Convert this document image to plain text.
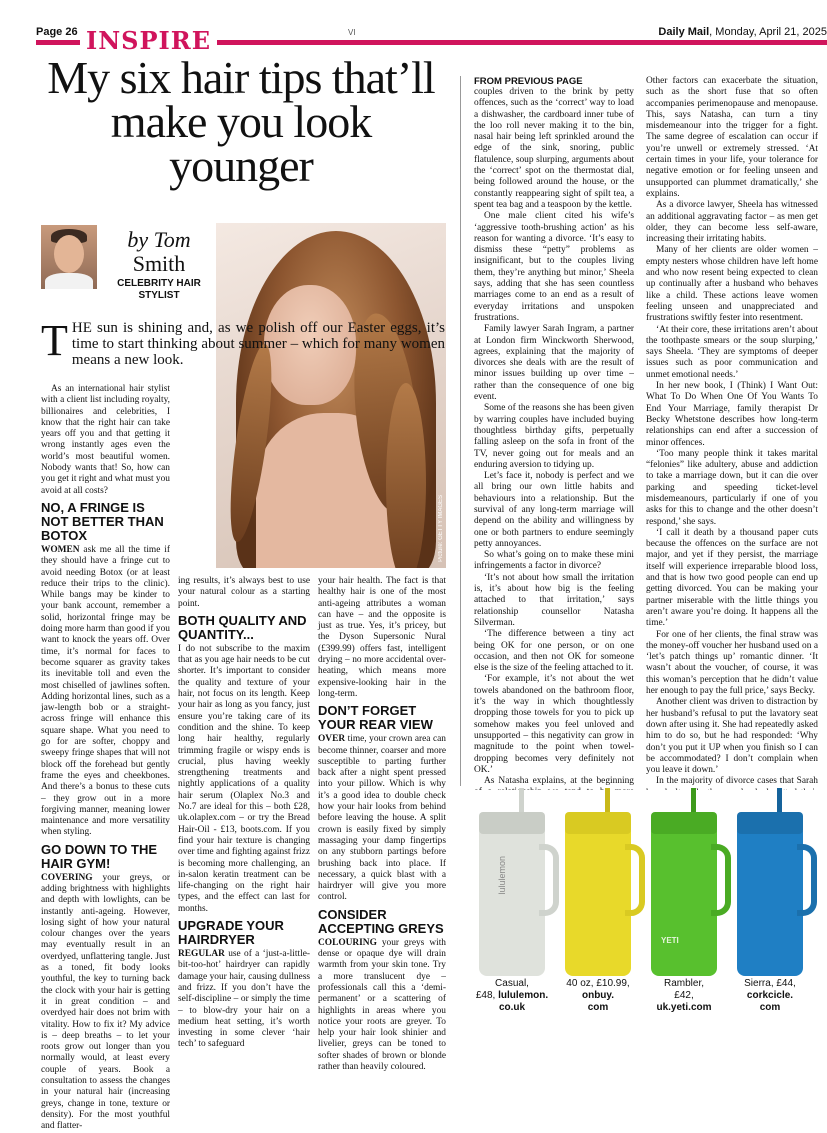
Page 26	VI	Daily Mail, Monday, April 21, 2025
INSPIRE
My six hair tips that’ll make you look younger
by Tom
Smith
CELEBRITY HAIR STYLIST
Picture: GETTY IMAGES
THE sun is shining and, as we polish off our Easter eggs, it’s time to start thinking about summer – which for many women means a new look.

As an international hair stylist with a client list including royalty, billionaires and celebrities, I know that the right hair can take years off you and that getting it wrong instantly ages even the world’s most beautiful women. Nobody wants that! So, how can you get it right and what must you avoid at all costs?

NO, A FRINGE IS NOT BETTER THAN BOTOX

WOMEN ask me all the time if they should have a fringe cut to avoid needing Botox (or at least reduce their trips to the clinic). While bangs may be kinder to your bank account, remember a solid, horizontal fringe may be doing more harm than good if you want to knock the years off. Over time, it’s normal for faces to become squarer as gravity takes its inevitable toll and even the most chiselled of jawlines soften. Adding horizontal lines, such as a jaw-length bob or a straight-across fringe will enhance this square shape. What you need to go for are softer, choppy and sweepy fringe shapes that will not block off the forehead but gently frame the eyes and cheekbones. And there’s a bonus to these cuts – they grow out in a more forgiving manner, meaning lower maintenance and more versatility when styling.

GO DOWN TO THE HAIR GYM!

COVERING your greys, or adding brightness with highlights and depth with lowlights, can be instantly anti-ageing. However, losing sight of how your natural colour changes over the years may eventually result in an overdyed, unflattering tangle. Just as a toned, fit body looks youthful, the key to turning back the clock with your hair is getting it in great condition – and overdyed hair does not brim with vitality. How to fix it? My advice is – deep breaths – to let your roots grow out longer than you normally would, at least every couple of years. Book a consultation to assess the changes in your natural hair (increasing greys, change in tone, texture or density). For the most youthful and flatter-

ing results, it’s always best to use your natural colour as a starting point.

BOTH QUALITY AND QUANTITY...

I do not subscribe to the maxim that as you age hair needs to be cut shorter. It’s important to consider the quality and texture of your hair, not focus on its length. Keep your hair as long as you fancy, just ensure you’re taking care of its condition and the shine. To keep long hair healthy, regularly trimming fragile or wispy ends is crucial, plus having weekly strengthening treatments and nightly applications of a quality hair serum (Olaplex No.3 and No.7 are ideal for this – both £28, uk.olaplex.com – or try the Bread Hair-Oil - £13, boots.com. If you find your hair texture is changing over time and fighting against frizz is becoming more challenging, an in-salon keratin treatment can be life-changing on the right hair types, and the effect can last for months.

UPGRADE YOUR HAIRDRYER

REGULAR use of a ‘just-a-little-bit-too-hot’ hairdryer can rapidly damage your hair, causing dullness and frizz. If you don’t have the self-discipline – or simply the time – to blow-dry your hair on a medium heat setting, it’s worth investing in some clever ‘hair tech’ to safeguard

your hair health. The fact is that healthy hair is one of the most anti-ageing attributes a woman can have – and the opposite is just as true. Yes, it’s pricey, but the Dyson Supersonic Nural (£399.99) offers fast, intelligent drying – no more accidental over-heating, which means more expensive-looking hair in the long-term.

DON’T FORGET YOUR REAR VIEW

OVER time, your crown area can become thinner, coarser and more susceptible to parting further back after a night spent pressed into your pillow. Which is why it’s a good idea to double check how your hair looks from behind before leaving the house. A split crown is easily fixed by simply massaging your damp fingertips on any stubborn partings before brushing back into place. If necessary, a quick blast with a hairdryer will give you more control.

CONSIDER ACCEPTING GREYS

COLOURING your greys with dense or opaque dye will drain warmth from your skin tone. Try a more translucent dye – professionals call this a ‘demi-permanent’ or a scattering of highlights in areas where you notice your roots are greyer. To help your hair look shinier and livelier, greys can be toned to softer shades of brown or blonde rather than heavily coloured.

FROM PREVIOUS PAGE

couples driven to the brink by petty offences, such as the ‘correct’ way to load a dishwasher, the cardboard inner tube of the loo roll never making it to the bin, nasal hair being left sprinkled around the edge of the sink, snoring, public flatulence, soup slurping, arguments about the ‘correct’ spot on the thermostat dial, being followed around the house, or the constantly reappearing sight of spilt tea, a spent tea bag and a teaspoon by the kettle.

One male client cited his wife’s ‘aggressive tooth-brushing action’ as his reason for wanting a divorce. ‘It’s easy to dismiss these “petty” problems as insignificant, but to the couples living them, they’re anything but minor,’ Sheela says, adding that she has seen countless marriages come to an end as a result of everyday irritations and unspoken frustrations.

Family lawyer Sarah Ingram, a partner at London firm Winckworth Sherwood, agrees, explaining that the majority of divorces she deals with are the result of minor issues building up over time – rather than the consequence of one big event.

Some of the reasons she has been given by warring couples have included buying thoughtless birthday gifts, perpetually falling asleep on the sofa in front of the TV, never going out for meals and an enduring aversion to tidying up.

Let’s face it, nobody is perfect and we all bring our own little habits and behaviours into a relationship. But the survival of any long-term marriage will depend on the ability and willingness by one or both partners to endure seemingly petty annoyances.

So what’s going on to make these mini infringements a factor in divorce?

‘It’s not about how small the irritation is, it’s about how big is the feeling attached to that irritation,’ says relationship counsellor Natasha Silverman.

‘The difference between a tiny act being OK for one person, or on one occasion, and then not OK for someone else is the size of the feeling attached to it.

‘For example, it’s not about the wet towels abandoned on the bathroom floor, it’s the way in which thoughtlessly dropping those towels for you to pick up somehow makes you feel unloved and unsupported – this negativity can grow in magnitude to the point when towel-dropping becomes very definitely not OK.’

As Natasha explains, at the beginning

Other factors can exacerbate the situation, such as the short fuse that so often accompanies perimenopause and menopause. This, says Natasha, can turn a tiny misdemeanour into the trigger for a fight. The same degree of escalation can occur if you’re unwell or extremely stressed. ‘At certain times in your life, your tolerance for negative emotion or for feeling unseen and unsupported can plummet dramatically,’ she explains.

As a divorce lawyer, Sheela has witnessed an additional aggravating factor – as men get older, they can become less self-aware, increasing their irritating habits.

Many of her clients are older women – empty nesters whose children have left home and who now resent being expected to clean up continually after a husband who behaves like a child. These actions leave women feeling unseen and unappreciated and frustrations swiftly fester into resentment.

‘At their core, these irritations aren’t about the toothpaste smears or the soup slurping,’ says Sheela. ‘They are symptoms of deeper issues such as poor communication and unmet emotional needs.’

In her new book, I (Think) I Want Out: What To Do When One Of You Wants To End Your Marriage, family therapist Dr Becky Whetstone describes how long-term relationships can end after a succession of minor offences.

‘Too many people think it takes marital “felonies” like adultery, abuse and addiction to take a marriage down, but it can die over parking and speeding ticket-level misdemeanours, particularly if one of you asks for this to change and the other doesn’t respond,’ she says.

‘I call it death by a thousand paper cuts because the offences on the surface are not major, and yet if they persist, the marriage itself will experience irreparable blood loss, and that is how two good people can end up getting divorced. You can be making your partner miserable with the little things you aren’t aware you’re doing. It happens all the time.’

For one of her clients, the final straw was the money-off voucher her husband used on a ‘let’s patch things up’ romantic dinner. ‘It wasn’t about the voucher, of course, it was this woman’s perception that he didn’t value her enough to pay the full price,’ says Becky.

Another client was driven to distraction by her husband’s refusal to put the lavatory seat down after using it. She had repeatedly asked him to do so, but he had responded: ‘Why don’t you put it UP when you finish so I can be accommodated? I don’t complain when you leave it down.’

In the majority of divorce cases that Sarah

lululemon
Casual,
£48, lululemon.
co.uk
40 oz, £10.99,
onbuy.
com
YETI
Rambler,
£42,
uk.yeti.com
Sierra, £44,
corkcicle.
com
